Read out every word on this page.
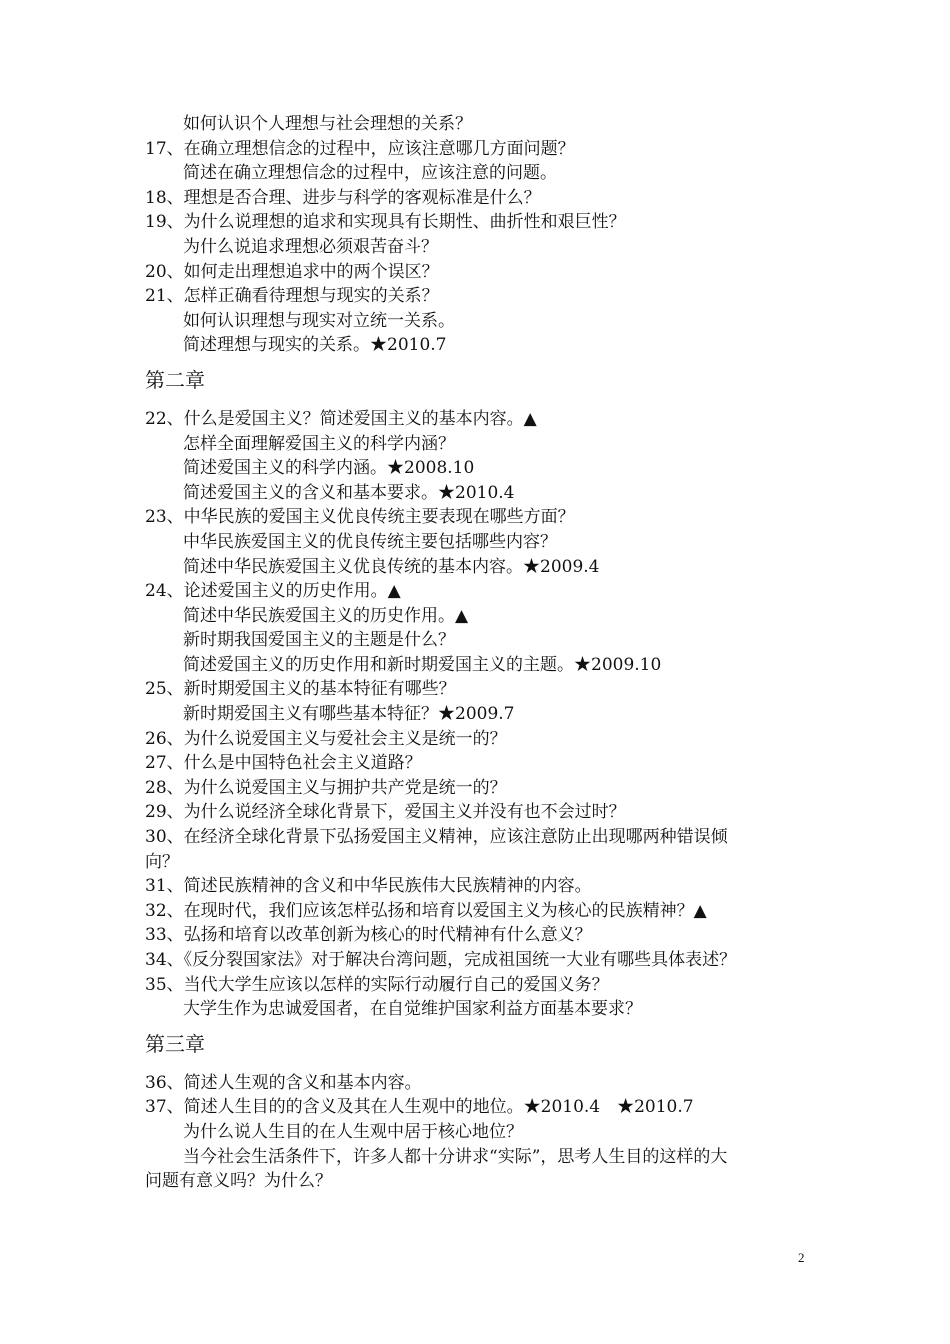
如何认识个人理想与社会理想的关系？
17、在确立理想信念的过程中，应该注意哪几方面问题？
简述在确立理想信念的过程中，应该注意的问题。
18、理想是否合理、进步与科学的客观标准是什么？
19、为什么说理想的追求和实现具有长期性、曲折性和艰巨性？
为什么说追求理想必须艰苦奋斗？
20、如何走出理想追求中的两个误区？
21、怎样正确看待理想与现实的关系？
如何认识理想与现实对立统一关系。
简述理想与现实的关系。★2010.7
第二章
22、什么是爱国主义？简述爱国主义的基本内容。▲
怎样全面理解爱国主义的科学内涵？
简述爱国主义的科学内涵。★2008.10
简述爱国主义的含义和基本要求。★2010.4
23、中华民族的爱国主义优良传统主要表现在哪些方面？
中华民族爱国主义的优良传统主要包括哪些内容？
简述中华民族爱国主义优良传统的基本内容。★2009.4
24、论述爱国主义的历史作用。▲
简述中华民族爱国主义的历史作用。▲
新时期我国爱国主义的主题是什么？
简述爱国主义的历史作用和新时期爱国主义的主题。★2009.10
25、新时期爱国主义的基本特征有哪些？
新时期爱国主义有哪些基本特征？★2009.7
26、为什么说爱国主义与爱社会主义是统一的？
27、什么是中国特色社会主义道路？
28、为什么说爱国主义与拥护共产党是统一的？
29、为什么说经济全球化背景下，爱国主义并没有也不会过时？
30、在经济全球化背景下弘扬爱国主义精神，应该注意防止出现哪两种错误倾
向？
31、简述民族精神的含义和中华民族伟大民族精神的内容。
32、在现时代，我们应该怎样弘扬和培育以爱国主义为核心的民族精神？▲
33、弘扬和培育以改革创新为核心的时代精神有什么意义？
34、《反分裂国家法》对于解决台湾问题，完成祖国统一大业有哪些具体表述？
35、当代大学生应该以怎样的实际行动履行自己的爱国义务？
大学生作为忠诚爱国者，在自觉维护国家利益方面基本要求？
第三章
36、简述人生观的含义和基本内容。
37、简述人生目的的含义及其在人生观中的地位。★2010.4　★2010.7
为什么说人生目的在人生观中居于核心地位？
当今社会生活条件下，许多人都十分讲求“实际”，思考人生目的这样的大
问题有意义吗？为什么？
2
